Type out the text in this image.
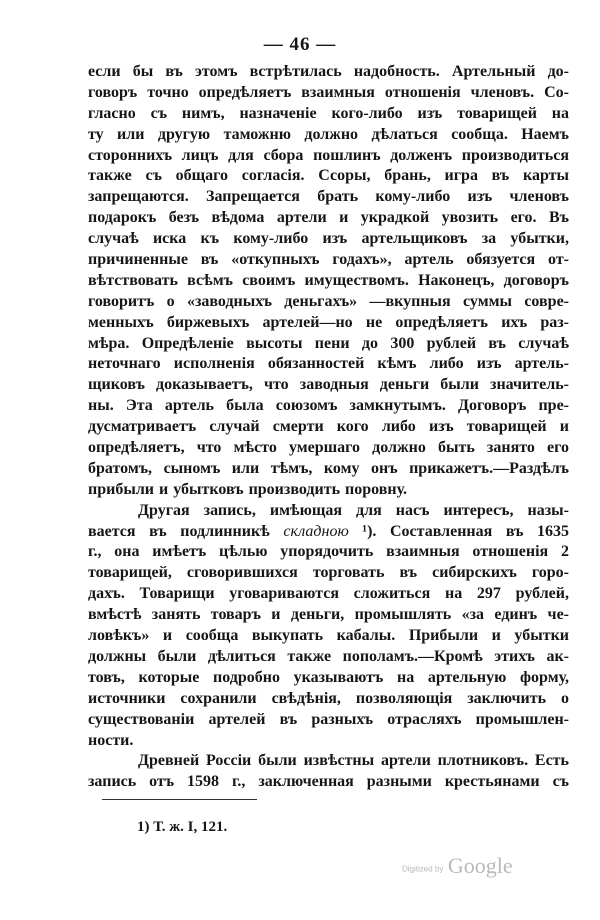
— 46 —
если бы въ этомъ встрѣтилась надобность. Артельный до-
говоръ точно опредѣляетъ взаимныя отношенія членовъ. Со-
гласно съ нимъ, назначеніе кого-либо изъ товарищей на
ту или другую таможню должно дѣлаться сообща. Наемъ
стороннихъ лицъ для сбора пошлинъ долженъ производиться
также съ общаго согласія. Ссоры, брань, игра въ карты
запрещаются. Запрещается брать кому-либо изъ членовъ
подарокъ безъ вѣдома артели и украдкой увозить его. Въ
случаѣ иска къ кому-либо изъ артельщиковъ за убытки,
причиненные въ «откупныхъ годахъ», артель обязуется от-
вѣтствовать всѣмъ своимъ имуществомъ. Наконецъ, договоръ
говоритъ о «заводныхъ деньгахъ» —вкупныя суммы совре-
менныхъ биржевыхъ артелей—но не опредѣляетъ ихъ раз-
мѣра. Опредѣленіе высоты пени до 300 рублей въ случаѣ
неточнаго исполненія обязанностей кѣмъ либо изъ артель-
щиковъ доказываетъ, что заводныя деньги были значитель-
ны. Эта артель была союзомъ замкнутымъ. Договоръ пре-
дусматриваетъ случай смерти кого либо изъ товарищей и
опредѣляетъ, что мѣсто умершаго должно быть занято его
братомъ, сыномъ или тѣмъ, кому онъ прикажетъ.—Раздѣлъ
прибыли и убытковъ производить поровну.
Другая запись, имѣющая для насъ интересъ, назы-
вается въ подлинникѣ складною ¹). Составленная въ 1635
г., она имѣетъ цѣлью упорядочить взаимныя отношенія 2
товарищей, сговорившихся торговать въ сибирскихъ горо-
дахъ. Товарищи уговариваются сложиться на 297 рублей,
вмѣстѣ занять товаръ и деньги, промышлять «за единъ че-
ловѣкъ» и сообща выкупать кабалы. Прибыли и убытки
должны были дѣлиться также пополамъ.—Кромѣ этихъ ак-
товъ, которые подробно указываютъ на артельную форму,
источники сохранили свѣдѣнія, позволяющія заключить о
существованіи артелей въ разныхъ отрасляхъ промышлен-
ности.
Древней Россіи были извѣстны артели плотниковъ. Есть
запись отъ 1598 г., заключенная разными крестьянами съ
1) Т. ж. I, 121.
Digitized by Google
